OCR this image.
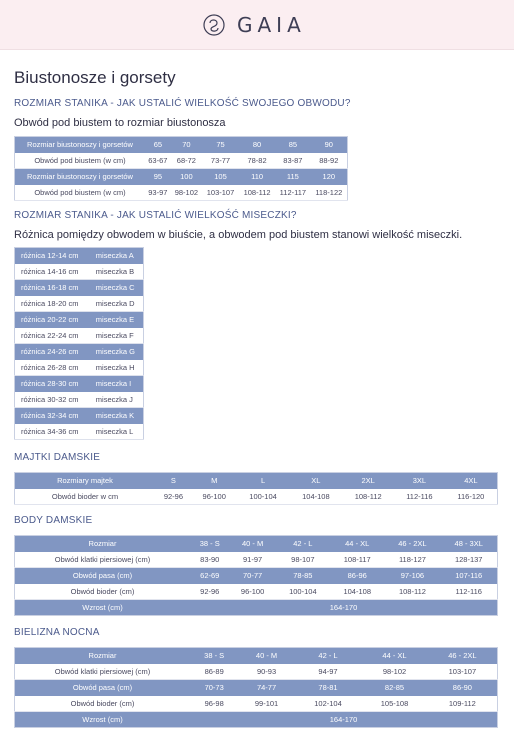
GAIA
Biustonosze i gorsety
ROZMIAR STANIKA - JAK USTALIĆ WIELKOŚĆ SWOJEGO OBWODU?
Obwód pod biustem to rozmiar biustonosza
Rozmiar biustonoszy i gorsetów	65	70	75	80	85	90
Obwód pod biustem (w cm)	63-67	68-72	73-77	78-82	83-87	88-92
Rozmiar biustonoszy i gorsetów	95	100	105	110	115	120
Obwód pod biustem (w cm)	93-97	98-102	103-107	108-112	112-117	118-122
ROZMIAR STANIKA - JAK USTALIĆ WIELKOŚĆ MISECZKI?
Różnica pomiędzy obwodem w biuście, a obwodem pod biustem stanowi wielkość miseczki.
różnica 12-14 cm	miseczka A
różnica 14-16 cm	miseczka B
różnica 16-18 cm	miseczka C
różnica 18-20 cm	miseczka D
różnica 20-22 cm	miseczka E
różnica 22-24 cm	miseczka F
różnica 24-26 cm	miseczka G
różnica 26-28 cm	miseczka H
różnica 28-30 cm	miseczka I
różnica 30-32 cm	miseczka J
różnica 32-34 cm	miseczka K
różnica 34-36 cm	miseczka L
MAJTKI DAMSKIE
Rozmiary majtek	S	M	L	XL	2XL	3XL	4XL
Obwód bioder w cm	92-96	96-100	100-104	104-108	108-112	112-116	116-120
BODY DAMSKIE
Rozmiar	38 - S	40 - M	42 - L	44 - XL	46 - 2XL	48 - 3XL
Obwód klatki piersiowej (cm)	83-90	91-97	98-107	108-117	118-127	128-137
Obwód pasa (cm)	62-69	70-77	78-85	86-96	97-106	107-116
Obwód bioder (cm)	92-96	96-100	100-104	104-108	108-112	112-116
Wzrost (cm)	164-170					
BIELIZNA NOCNA
Rozmiar	38 - S	40 - M	42 - L	44 - XL	46 - 2XL
Obwód klatki piersiowej (cm)	86-89	90-93	94-97	98-102	103-107
Obwód pasa (cm)	70-73	74-77	78-81	82-85	86-90
Obwód bioder (cm)	96-98	99-101	102-104	105-108	109-112
Wzrost (cm)	164-170				
